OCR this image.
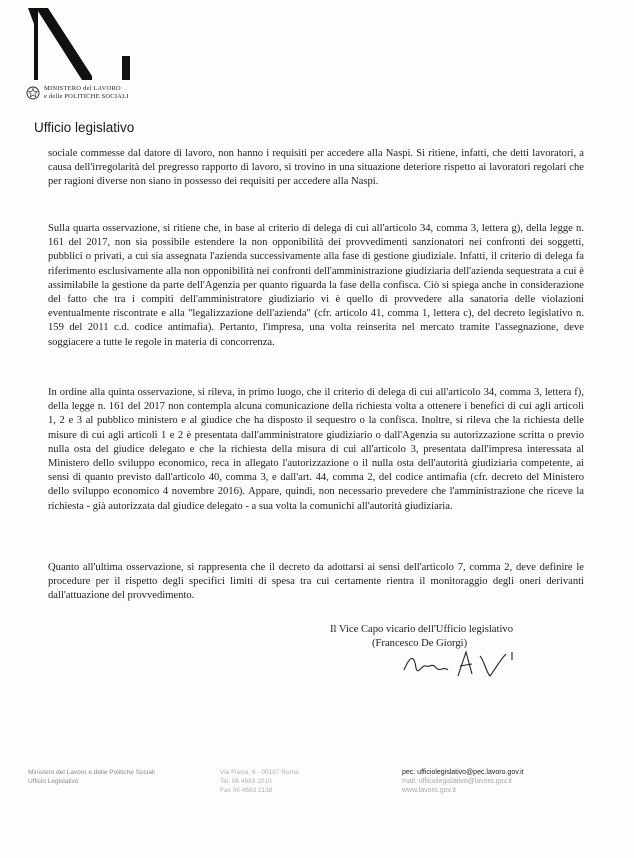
MINISTERO del LAVORO
e delle POLITICHE SOCIALI
Ufficio legislativo

sociale commesse dal datore di lavoro, non hanno i requisiti per accedere alla Naspi. Si ritiene, infatti, che detti lavoratori, a causa dell'irregolarità del pregresso rapporto di lavoro, si trovino in una situazione deteriore rispetto ai lavoratori regolari che per ragioni diverse non siano in possesso dei requisiti per accedere alla Naspi.

Sulla quarta osservazione, si ritiene che, in base al criterio di delega di cui all'articolo 34, comma 3, lettera g), della legge n. 161 del 2017, non sia possibile estendere la non opponibilità dei provvedimenti sanzionatori nei confronti dei soggetti, pubblici o privati, a cui sia assegnata l'azienda successivamente alla fase di gestione giudiziale. Infatti, il criterio di delega fa riferimento esclusivamente alla non opponibilità nei confronti dell'amministrazione giudiziaria dell'azienda sequestrata a cui è assimilabile la gestione da parte dell'Agenzia per quanto riguarda la fase della confisca. Ciò si spiega anche in considerazione del fatto che tra i compiti dell'amministratore giudiziario vi è quello di provvedere alla sanatoria delle violazioni eventualmente riscontrate e alla "legalizzazione dell'azienda" (cfr. articolo 41, comma 1, lettera c), del decreto legislativo n. 159 del 2011 c.d. codice antimafia). Pertanto, l'impresa, una volta reinserita nel mercato tramite l'assegnazione, deve soggiacere a tutte le regole in materia di concorrenza.

In ordine alla quinta osservazione, si rileva, in primo luogo, che il criterio di delega di cui all'articolo 34, comma 3, lettera f), della legge n. 161 del 2017 non contempla alcuna comunicazione della richiesta volta a ottenere i benefici di cui agli articoli 1, 2 e 3 al pubblico ministero e al giudice che ha disposto il sequestro o la confisca. Inoltre, si rileva che la richiesta delle misure di cui agli articoli 1 e 2 è presentata dall'amministratore giudiziario o dall'Agenzia su autorizzazione scritta o previo nulla osta del giudice delegato e che la richiesta della misura di cui all'articolo 3, presentata dall'impresa interessata al Ministero dello sviluppo economico, reca in allegato l'autorizzazione o il nulla osta dell'autorità giudiziaria competente, ai sensi di quanto previsto dall'articolo 40, comma 3, e dall'art. 44, comma 2, del codice antimafia (cfr. decreto del Ministero dello sviluppo economico 4 novembre 2016). Appare, quindi, non necessario prevedere che l'amministrazione che riceve la richiesta - già autorizzata dal giudice delegato - a sua volta la comunichi all'autorità giudiziaria.

Quanto all'ultima osservazione, si rappresenta che il decreto da adottarsi ai sensi dell'articolo 7, comma 2, deve definire le procedure per il rispetto degli specifici limiti di spesa tra cui certamente rientra il monitoraggio degli oneri derivanti dall'attuazione del provvedimento.

Il Vice Capo vicario dell'Ufficio legislativo
(Francesco De Giorgi)
Ministero del Lavoro e delle Politiche Sociali
Ufficio Legislativo
Via Flavia, 6 - 00187 Roma
Tel. 06 4683 2010
Fax 06 4683 2138
pec: ufficiolegislativo@pec.lavoro.gov.it
mail: ufficiolegislativo@lavoro.gov.it
www.lavoro.gov.it
